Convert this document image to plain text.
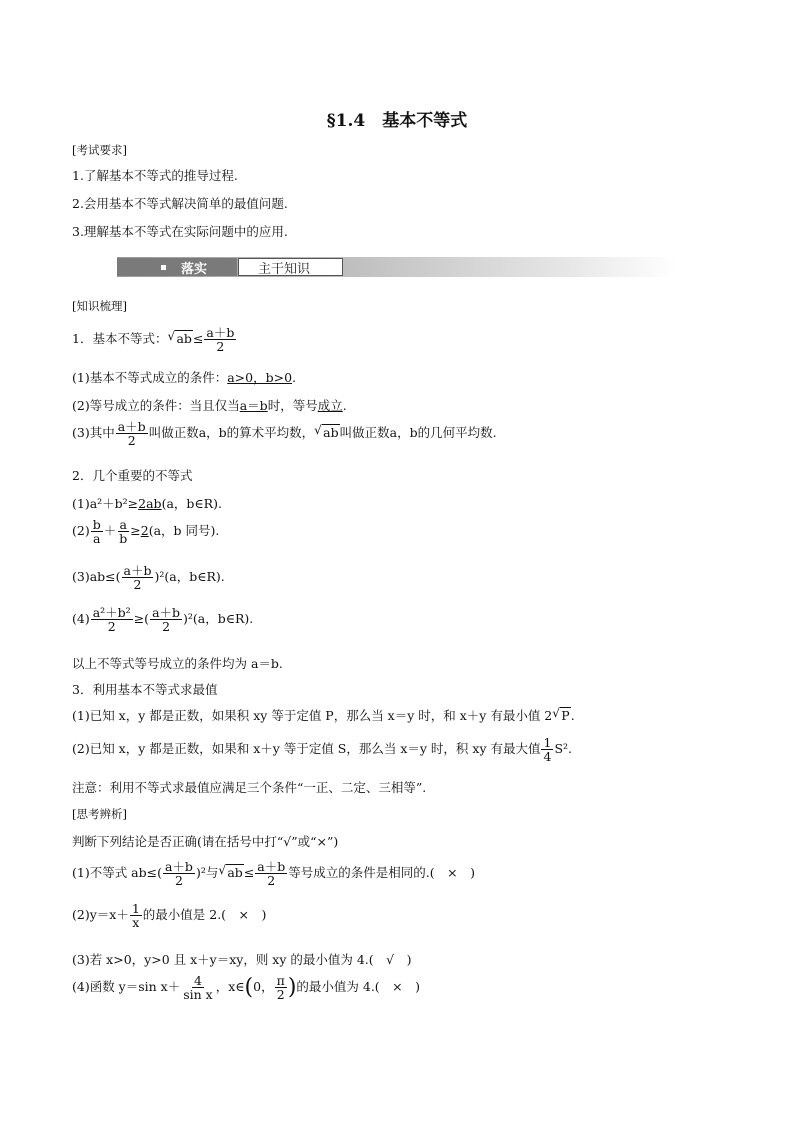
§1.4　基本不等式
[考试要求]
1.了解基本不等式的推导过程.
2.会用基本不等式解决简单的最值问题.
3.理解基本不等式在实际问题中的应用.
落实	主干知识
[知识梳理]
1．基本不等式： √ $ab\le \frac{a+b}{2}$
(1)基本不等式成立的条件：a>0，b>0.
(2)等号成立的条件：当且仅当a＝b时，等号成立.
(3)其中 $\frac{a+b}{2}$ 叫做正数a，b的算术平均数， √ ab叫做正数a，b的几何平均数.
2．几个重要的不等式
(1)a²＋b²≥2ab(a，b∈R).
$(2) \frac{b}{a} + \frac{a}{b} \ge 2(a$，b 同号).
$(3)ab\le( \frac{a+b}{2} )^2(a$，b∈R).
$(4) \frac{\text{a²＋b²}}{2}$ ≥( $\frac{a+b}{2} )^2(a$，b∈R).
以上不等式等号成立的条件均为 a＝b.
3．利用基本不等式求最值
(1)已知 x，y 都是正数，如果积 xy 等于定值 P，那么当 x＝y 时，和 x＋y 有最小值 2 √ P.
(2)已知 x，y 都是正数，如果和 x＋y 等于定值 S，那么当 x＝y 时，积 xy 有最大值 $\frac{1}{4} S^2$.
注意：利用不等式求最值应满足三个条件“一正、二定、三相等”.
[思考辨析]
判断下列结论是否正确(请在括号中打“√”或“×”)
(1)不等式 $ab\le( \frac{a+b}{2} )^2$与 √ $ab\le \frac{a+b}{2}$ 等号成立的条件是相同的.(　×　)
$(2)y=x+ \frac{1}{x}$ 的最小值是 2.(　×　)
(3)若 x>0，y>0 且 x＋y＝xy，则 xy 的最小值为 4.(　√　)
(4)函数 y＝sin $x+ \frac{4}{\text{sin x}}$ ，x∈(0， $\frac{\pi}{2}$ )的最小值为 4.(　×　)
